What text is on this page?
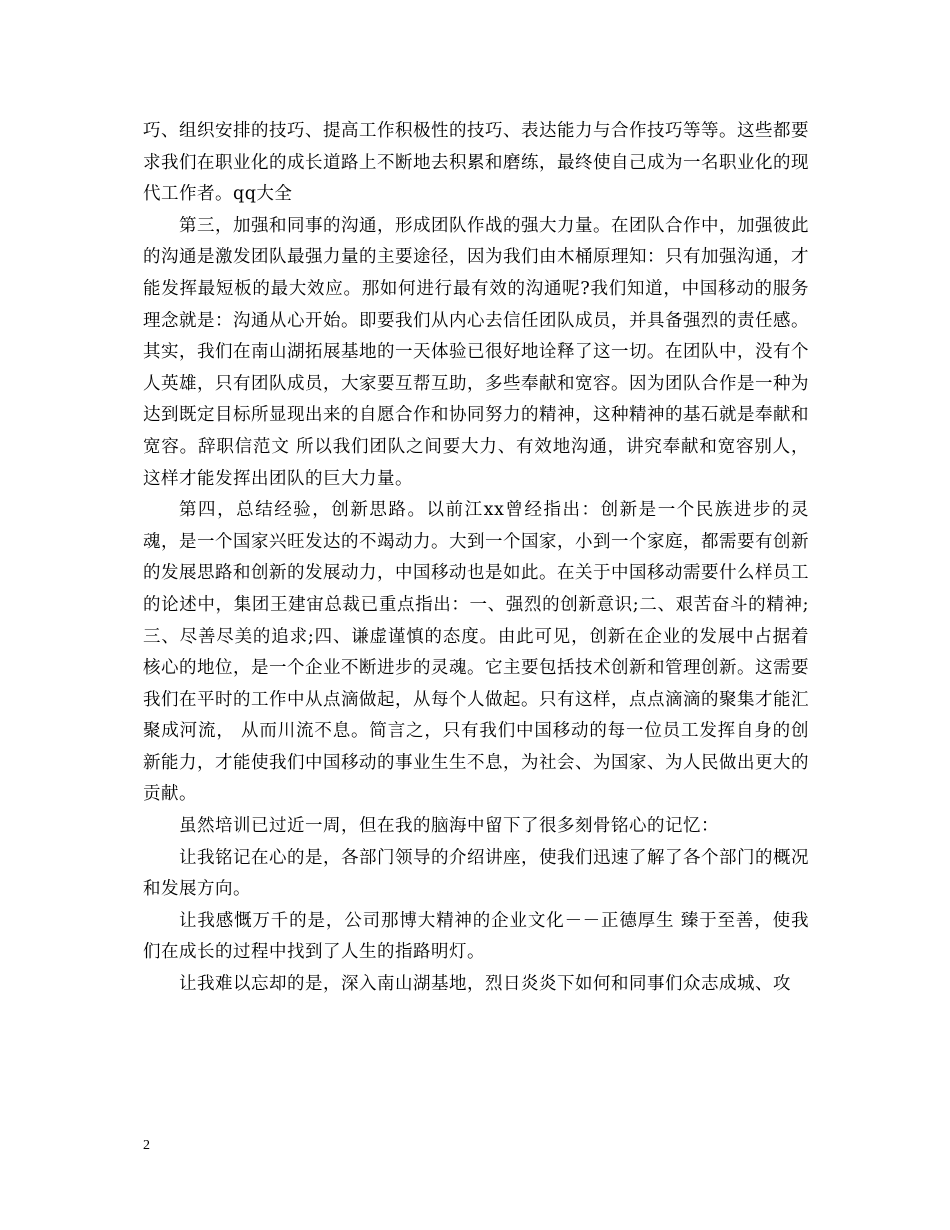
巧、组织安排的技巧、提高工作积极性的技巧、表达能力与合作技巧等等。这些都要求我们在职业化的成长道路上不断地去积累和磨练，最终使自己成为一名职业化的现代工作者。qq大全

第三，加强和同事的沟通，形成团队作战的强大力量。在团队合作中，加强彼此的沟通是激发团队最强力量的主要途径，因为我们由木桶原理知：只有加强沟通，才能发挥最短板的最大效应。那如何进行最有效的沟通呢?我们知道，中国移动的服务理念就是：沟通从心开始。即要我们从内心去信任团队成员，并具备强烈的责任感。其实，我们在南山湖拓展基地的一天体验已很好地诠释了这一切。在团队中，没有个人英雄，只有团队成员，大家要互帮互助，多些奉献和宽容。因为团队合作是一种为达到既定目标所显现出来的自愿合作和协同努力的精神，这种精神的基石就是奉献和宽容。辞职信范文 所以我们团队之间要大力、有效地沟通，讲究奉献和宽容别人，这样才能发挥出团队的巨大力量。

第四，总结经验，创新思路。以前江xx曾经指出：创新是一个民族进步的灵魂，是一个国家兴旺发达的不竭动力。大到一个国家，小到一个家庭，都需要有创新的发展思路和创新的发展动力，中国移动也是如此。在关于中国移动需要什么样员工的论述中，集团王建宙总裁已重点指出：一、强烈的创新意识;二、艰苦奋斗的精神;三、尽善尽美的追求;四、谦虚谨慎的态度。由此可见，创新在企业的发展中占据着核心的地位，是一个企业不断进步的灵魂。它主要包括技术创新和管理创新。这需要我们在平时的工作中从点滴做起，从每个人做起。只有这样，点点滴滴的聚集才能汇聚成河流， 从而川流不息。简言之，只有我们中国移动的每一位员工发挥自身的创新能力，才能使我们中国移动的事业生生不息，为社会、为国家、为人民做出更大的贡献。

虽然培训已过近一周，但在我的脑海中留下了很多刻骨铭心的记忆：

让我铭记在心的是，各部门领导的介绍讲座，使我们迅速了解了各个部门的概况和发展方向。

让我感慨万千的是，公司那博大精神的企业文化－－正德厚生 臻于至善，使我们在成长的过程中找到了人生的指路明灯。

让我难以忘却的是，深入南山湖基地，烈日炎炎下如何和同事们众志成城、攻

2
